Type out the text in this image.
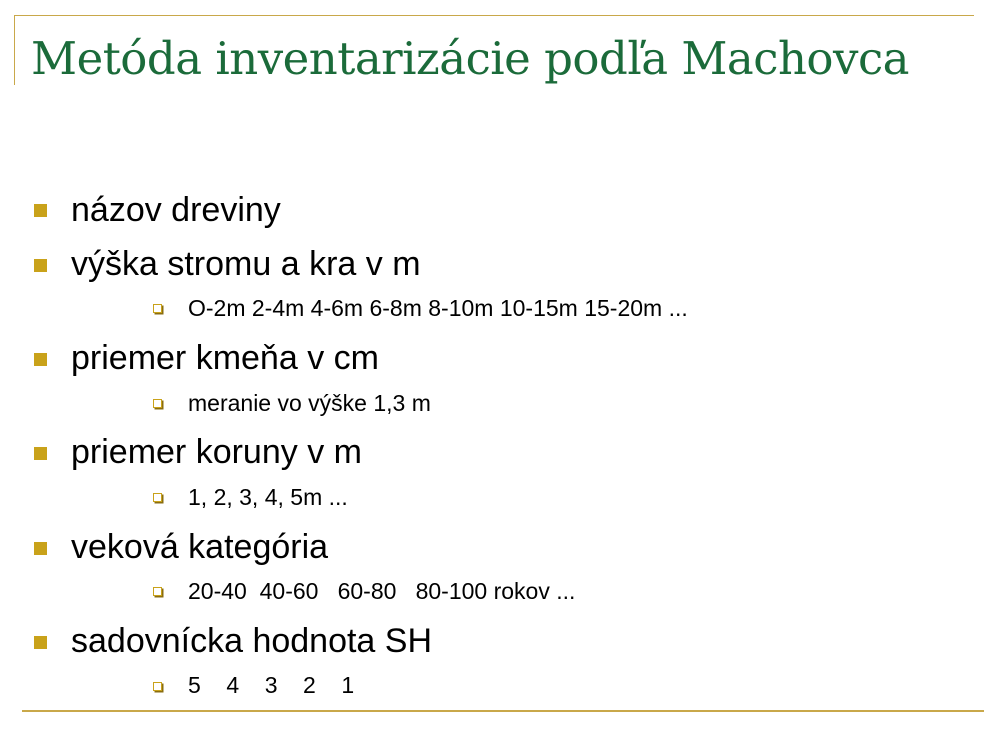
Metóda inventarizácie podľa Machovca
názov dreviny
výška stromu a kra v m
O-2m 2-4m 4-6m 6-8m 8-10m 10-15m 15-20m ...
priemer kmeňa v cm
meranie vo výške 1,3 m
priemer koruny v m
1, 2, 3, 4, 5m ...
veková kategória
20-40  40-60   60-80   80-100 rokov ...
sadovnícka hodnota SH
5    4    3    2    1
